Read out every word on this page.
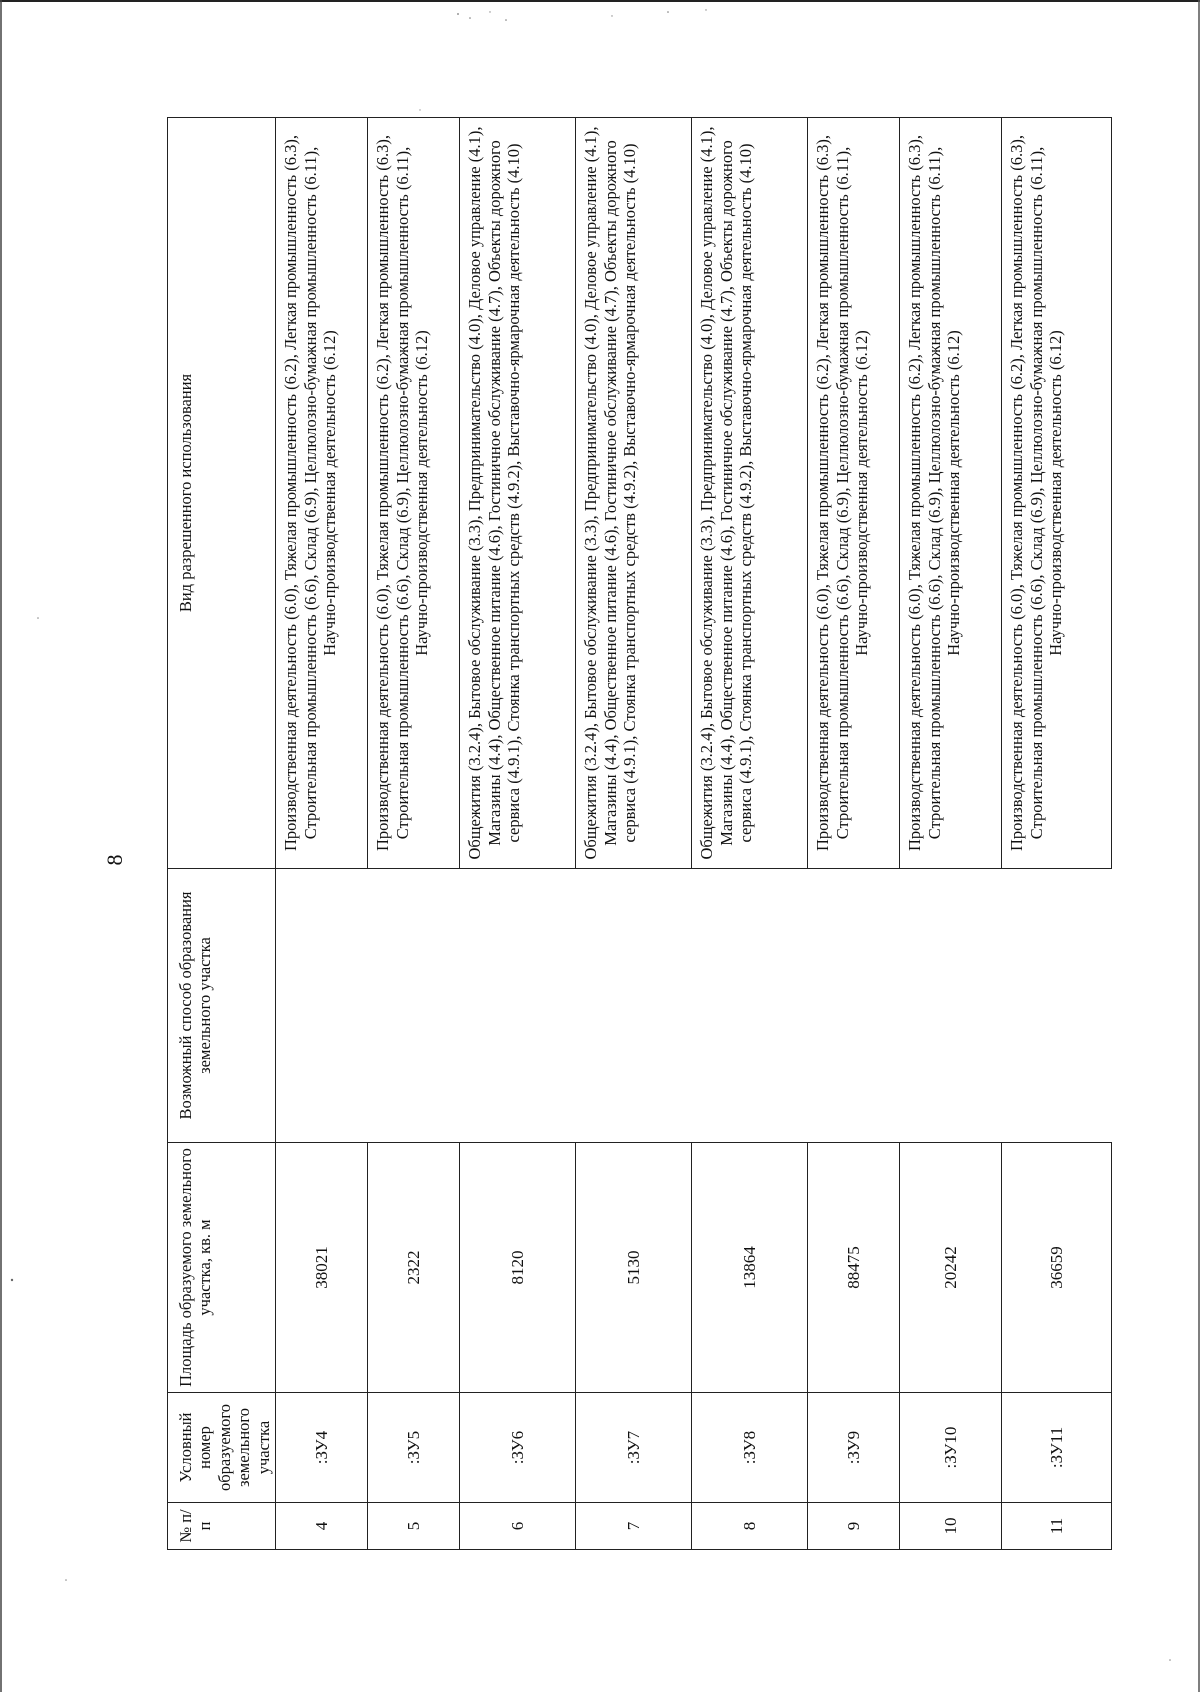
8
№ п/п	Условный номер образуемого земельного участка	Площадь образуемого земельного участка, кв. м	Возможный способ образования земельного участка	Вид разрешенного использования
4	:ЗУ4	38021		Производственная деятельность (6.0), Тяжелая промышленность (6.2), Легкая промышленность (6.3), Строительная промышленность (6.6), Склад (6.9), Целлюлозно-бумажная промышленность (6.11), Научно-производственная деятельность (6.12)
5	:ЗУ5	2322		Производственная деятельность (6.0), Тяжелая промышленность (6.2), Легкая промышленность (6.3), Строительная промышленность (6.6), Склад (6.9), Целлюлозно-бумажная промышленность (6.11), Научно-производственная деятельность (6.12)
6	:ЗУ6	8120		Общежития (3.2.4), Бытовое обслуживание (3.3), Предпринимательство (4.0), Деловое управление (4.1), Магазины (4.4), Общественное питание (4.6), Гостиничное обслуживание (4.7), Объекты дорожного сервиса (4.9.1), Стоянка транспортных средств (4.9.2), Выставочно-ярмарочная деятельность (4.10)
7	:ЗУ7	5130		Общежития (3.2.4), Бытовое обслуживание (3.3), Предпринимательство (4.0), Деловое управление (4.1), Магазины (4.4), Общественное питание (4.6), Гостиничное обслуживание (4.7), Объекты дорожного сервиса (4.9.1), Стоянка транспортных средств (4.9.2), Выставочно-ярмарочная деятельность (4.10)
8	:ЗУ8	13864		Общежития (3.2.4), Бытовое обслуживание (3.3), Предпринимательство (4.0), Деловое управление (4.1), Магазины (4.4), Общественное питание (4.6), Гостиничное обслуживание (4.7), Объекты дорожного сервиса (4.9.1), Стоянка транспортных средств (4.9.2), Выставочно-ярмарочная деятельность (4.10)
9	:ЗУ9	88475		Производственная деятельность (6.0), Тяжелая промышленность (6.2), Легкая промышленность (6.3), Строительная промышленность (6.6), Склад (6.9), Целлюлозно-бумажная промышленность (6.11), Научно-производственная деятельность (6.12)
10	:ЗУ10	20242		Производственная деятельность (6.0), Тяжелая промышленность (6.2), Легкая промышленность (6.3), Строительная промышленность (6.6), Склад (6.9), Целлюлозно-бумажная промышленность (6.11), Научно-производственная деятельность (6.12)
11	:ЗУ11	36659		Производственная деятельность (6.0), Тяжелая промышленность (6.2), Легкая промышленность (6.3), Строительная промышленность (6.6), Склад (6.9), Целлюлозно-бумажная промышленность (6.11), Научно-производственная деятельность (6.12)
